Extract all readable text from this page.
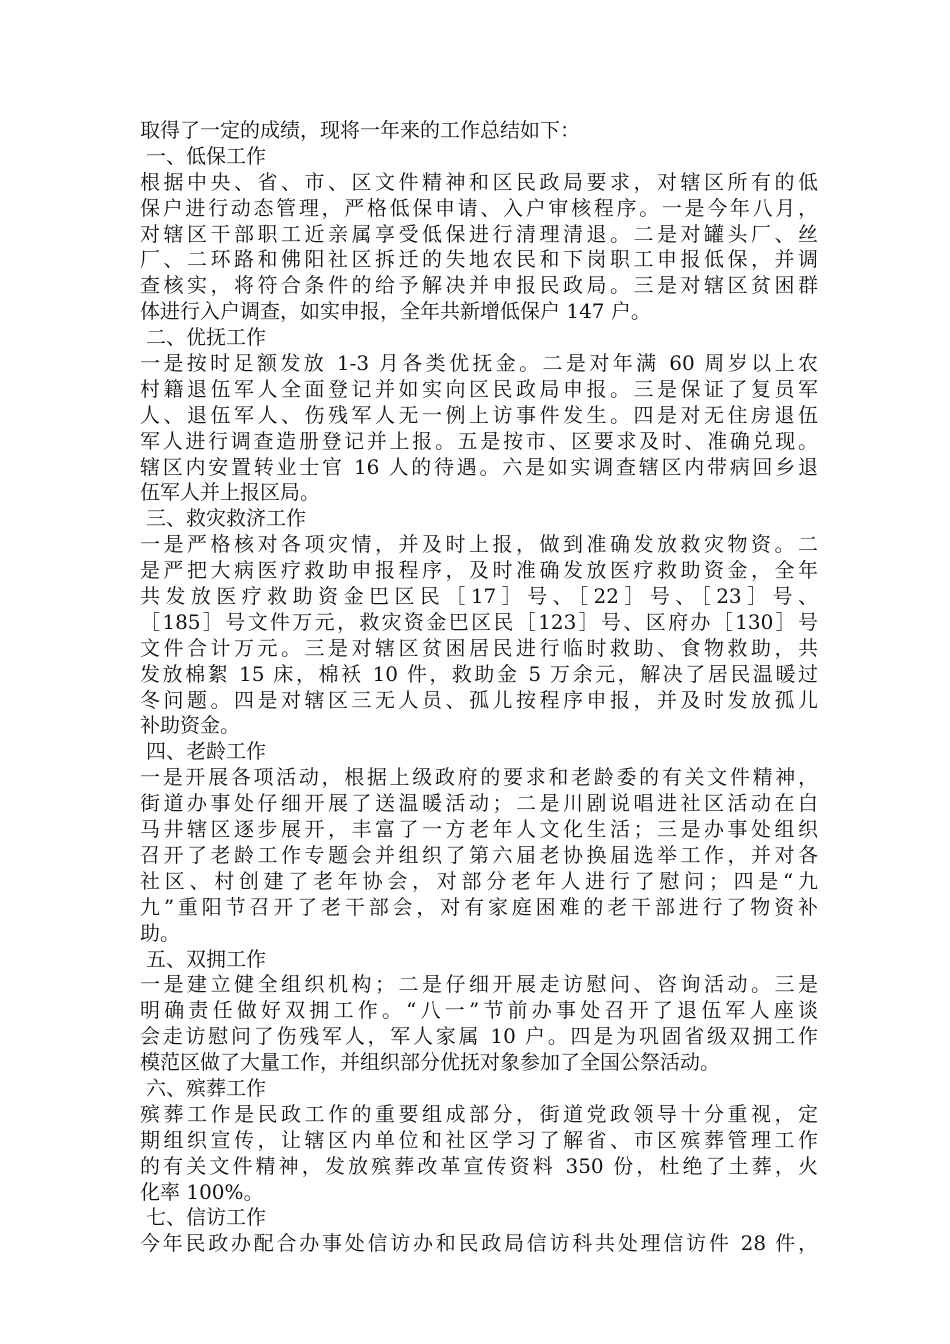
取得了一定的成绩，现将一年来的工作总结如下：
一、低保工作
根据中央、省、市、区文件精神和区民政局要求，对辖区所有的低
保户进行动态管理，严格低保申请、入户审核程序。一是今年八月，
对辖区干部职工近亲属享受低保进行清理清退。二是对罐头厂、丝
厂、二环路和佛阳社区拆迁的失地农民和下岗职工申报低保，并调
查核实，将符合条件的给予解决并申报民政局。三是对辖区贫困群
体进行入户调查，如实申报，全年共新增低保户 147 户。
二、优抚工作
一是按时足额发放 1-3 月各类优抚金。二是对年满 60 周岁以上农
村籍退伍军人全面登记并如实向区民政局申报。三是保证了复员军
人、退伍军人、伤残军人无一例上访事件发生。四是对无住房退伍
军人进行调查造册登记并上报。五是按市、区要求及时、准确兑现。
辖区内安置转业士官 16 人的待遇。六是如实调查辖区内带病回乡退
伍军人并上报区局。
三、救灾救济工作
一是严格核对各项灾情，并及时上报，做到准确发放救灾物资。二
是严把大病医疗救助申报程序，及时准确发放医疗救助资金，全年
共发放医疗救助资金巴区民［17］号、［22］号、［23］号、
［185］号文件万元，救灾资金巴区民［123］号、区府办［130］号
文件合计万元。三是对辖区贫困居民进行临时救助、食物救助，共
发放棉絮 15 床，棉袄 10 件，救助金 5 万余元，解决了居民温暖过
冬问题。四是对辖区三无人员、孤儿按程序申报，并及时发放孤儿
补助资金。
四、老龄工作
一是开展各项活动，根据上级政府的要求和老龄委的有关文件精神，
街道办事处仔细开展了送温暖活动；二是川剧说唱进社区活动在白
马井辖区逐步展开，丰富了一方老年人文化生活；三是办事处组织
召开了老龄工作专题会并组织了第六届老协换届选举工作，并对各
社区、村创建了老年协会，对部分老年人进行了慰问；四是“九
九”重阳节召开了老干部会，对有家庭困难的老干部进行了物资补
助。
五、双拥工作
一是建立健全组织机构；二是仔细开展走访慰问、咨询活动。三是
明确责任做好双拥工作。“八一”节前办事处召开了退伍军人座谈
会走访慰问了伤残军人，军人家属 10 户。四是为巩固省级双拥工作
模范区做了大量工作，并组织部分优抚对象参加了全国公祭活动。
六、殡葬工作
殡葬工作是民政工作的重要组成部分，街道党政领导十分重视，定
期组织宣传，让辖区内单位和社区学习了解省、市区殡葬管理工作
的有关文件精神，发放殡葬改革宣传资料 350 份，杜绝了土葬，火
化率 100%。
七、信访工作
今年民政办配合办事处信访办和民政局信访科共处理信访件 28 件，
